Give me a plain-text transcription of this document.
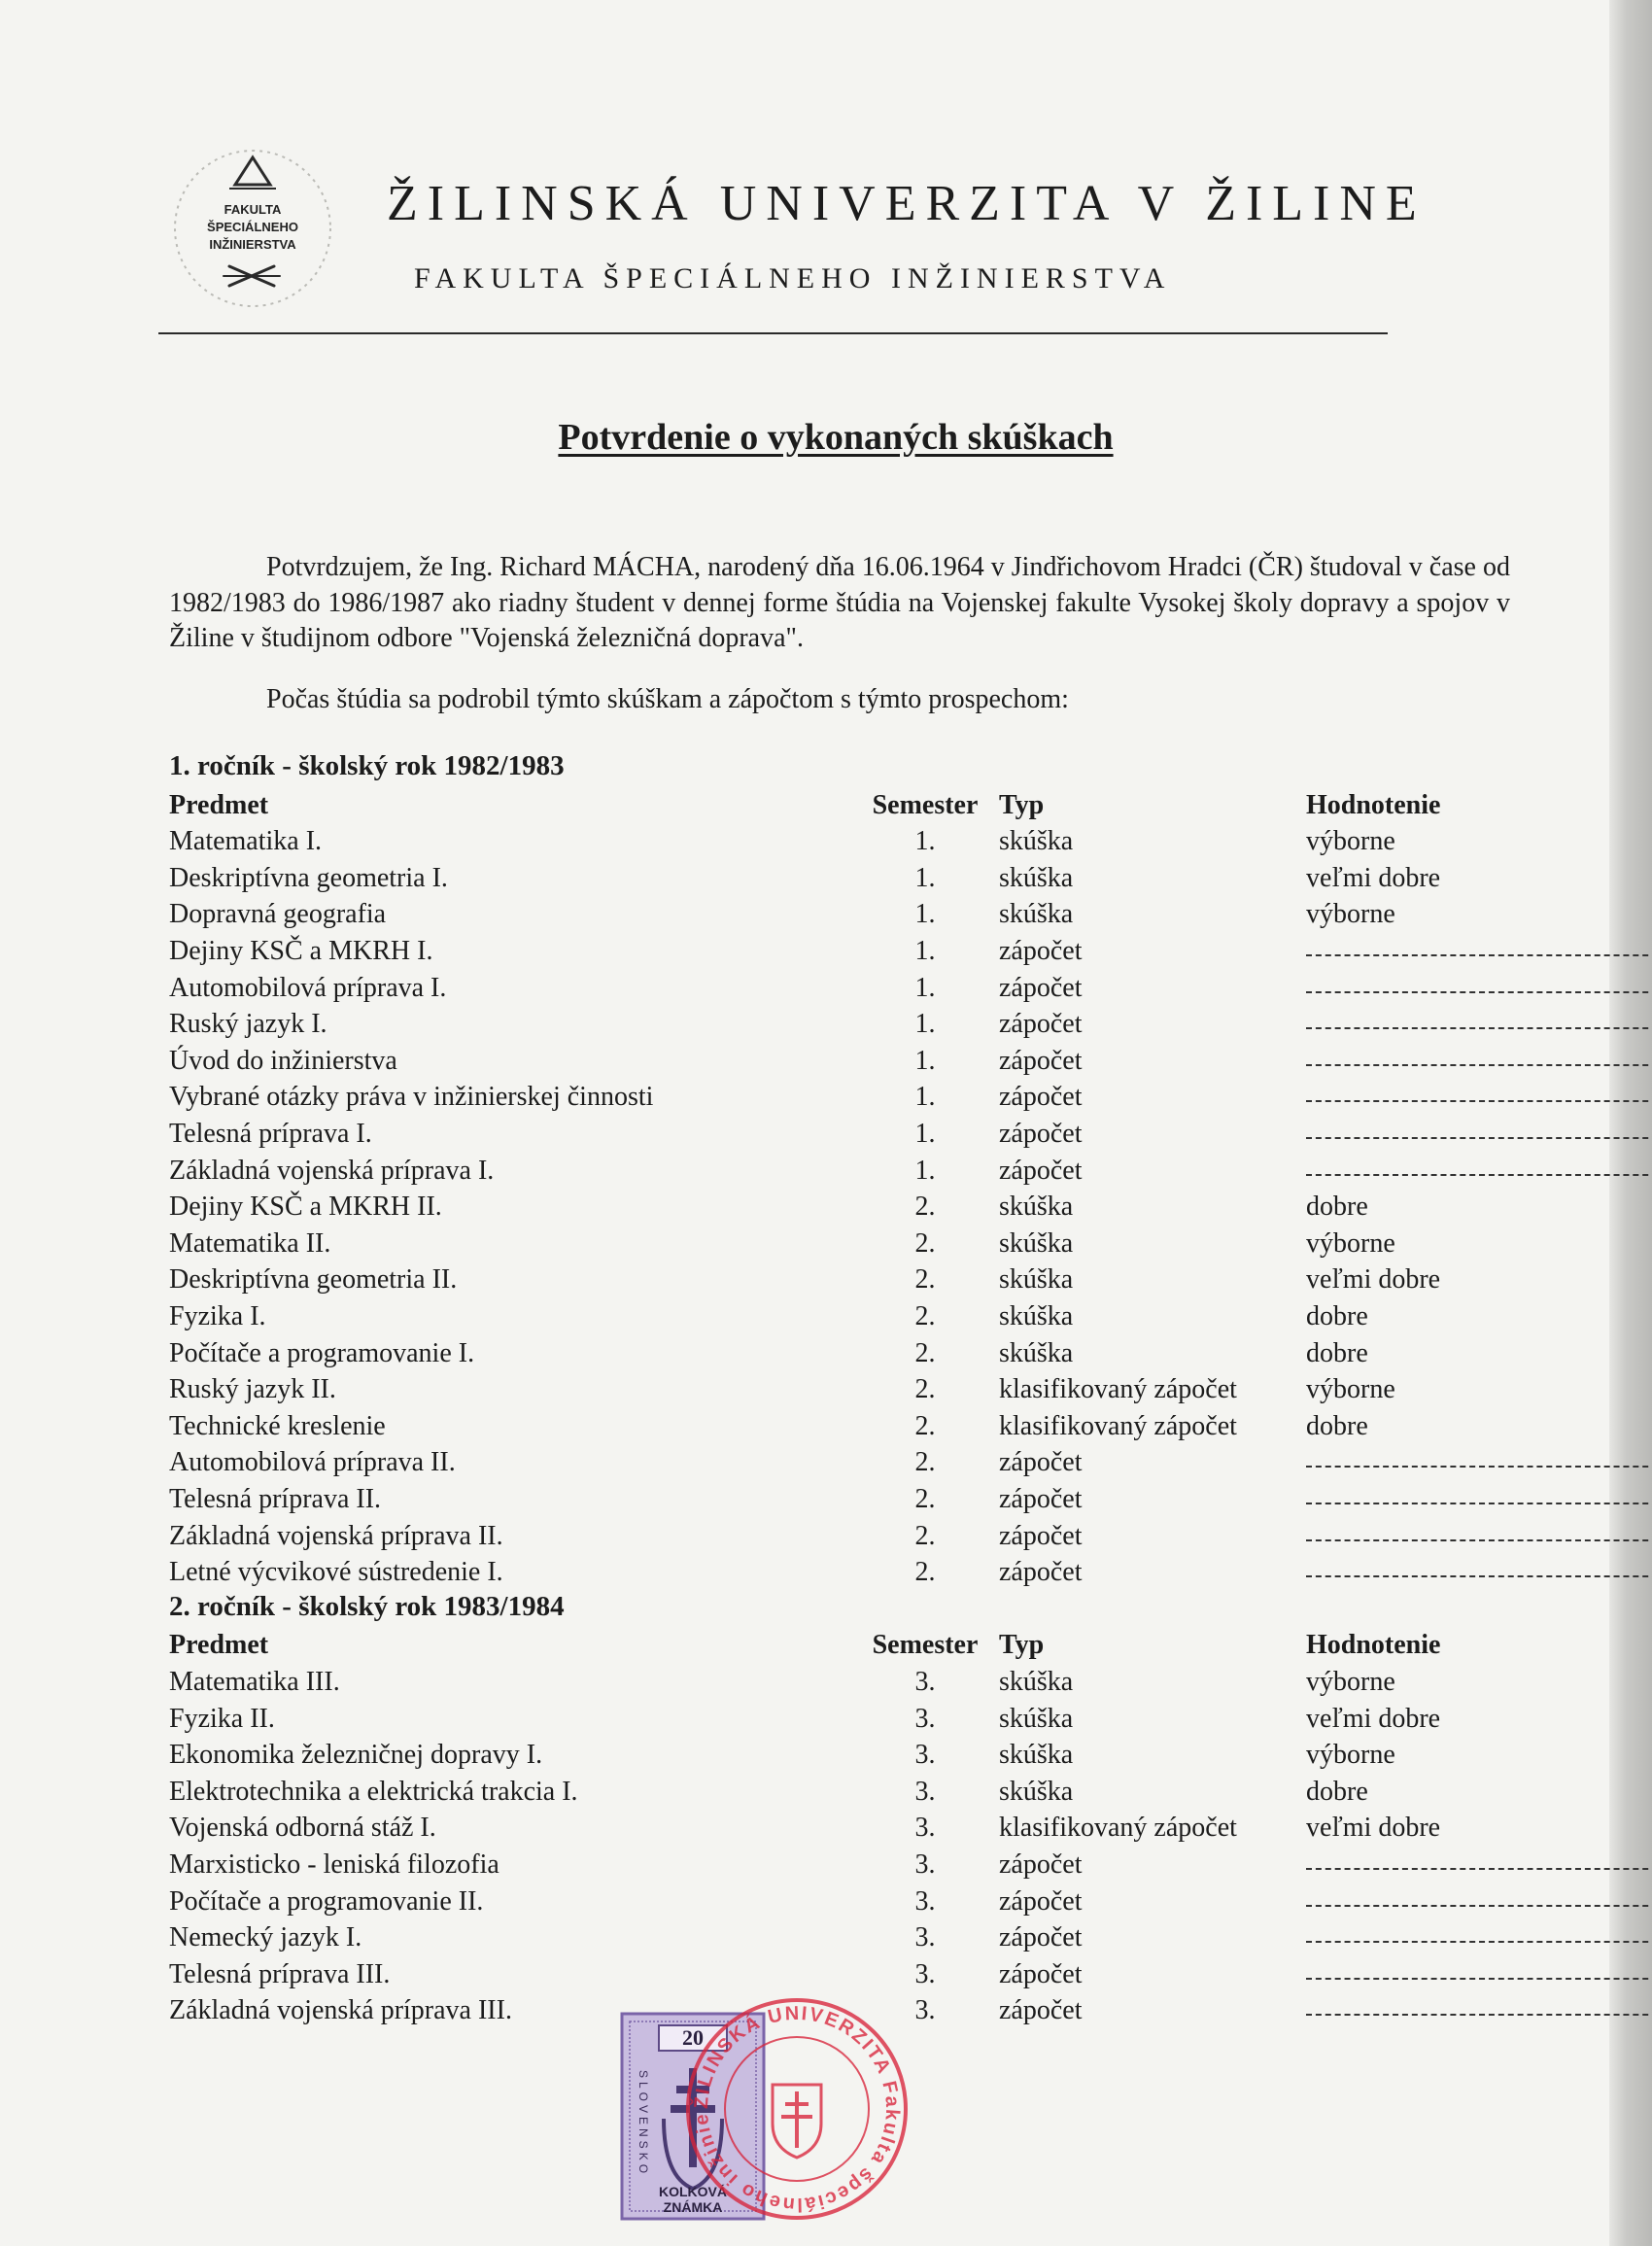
FAKULTA
ŠPECIÁLNEHO
INŽINIERSTVA
ŽILINSKÁ UNIVERZITA V ŽILINE
FAKULTA ŠPECIÁLNEHO INŽINIERSTVA
Potvrdenie o vykonaných skúškach

Potvrdzujem, že Ing. Richard MÁCHA, narodený dňa 16.06.1964 v Jindřichovom Hradci (ČR) študoval v čase od 1982/1983 do 1986/1987 ako riadny študent v dennej forme štúdia na Vojenskej fakulte Vysokej školy dopravy a spojov v Žiline v študijnom odbore "Vojenská železničná doprava".

Počas štúdia sa podrobil týmto skúškam a zápočtom s týmto prospechom:
1. ročník - školský rok 1982/1983
Predmet	Semester Typ	Hodnotenie
Matematika I.	1.	skúška	výborne
Deskriptívna geometria I.	1.	skúška	veľmi dobre
Dopravná geografia	1.	skúška	výborne
Dejiny KSČ a MKRH I.	1.	zápočet
Automobilová príprava I.	1.	zápočet
Ruský jazyk I.	1.	zápočet
Úvod do inžinierstva	1.	zápočet
Vybrané otázky práva v inžinierskej činnosti	1.	zápočet
Telesná príprava I.	1.	zápočet
Základná vojenská príprava I.	1.	zápočet
Dejiny KSČ a MKRH II.	2.	skúška	dobre
Matematika II.	2.	skúška	výborne
Deskriptívna geometria II.	2.	skúška	veľmi dobre
Fyzika I.	2.	skúška	dobre
Počítače a programovanie I.	2.	skúška	dobre
Ruský jazyk II.	2.	klasifikovaný zápočet	výborne
Technické kreslenie	2.	klasifikovaný zápočet	dobre
Automobilová príprava II.	2.	zápočet
Telesná príprava II.	2.	zápočet
Základná vojenská príprava II.	2.	zápočet
Letné výcvikové sústredenie I.	2.	zápočet
2. ročník - školský rok 1983/1984
Predmet	Semester Typ	Hodnotenie
Matematika III.	3.	skúška	výborne
Fyzika II.	3.	skúška	veľmi dobre
Ekonomika železničnej dopravy I.	3.	skúška	výborne
Elektrotechnika a elektrická trakcia I.	3.	skúška	dobre
Vojenská odborná stáž I.	3.	klasifikovaný zápočet	veľmi dobre
Marxisticko - leniská filozofia	3.	zápočet
Počítače a programovanie II.	3.	zápočet
Nemecký jazyk I.	3.	zápočet
Telesná príprava III.	3.	zápočet
Základná vojenská príprava III.	3.	zápočet
20
SLOVENSKO
KOLKOVÁ
ZNÁMKA
ŽILINSKÁ UNIVERZITA Fakulta špeciálneho inžinie
